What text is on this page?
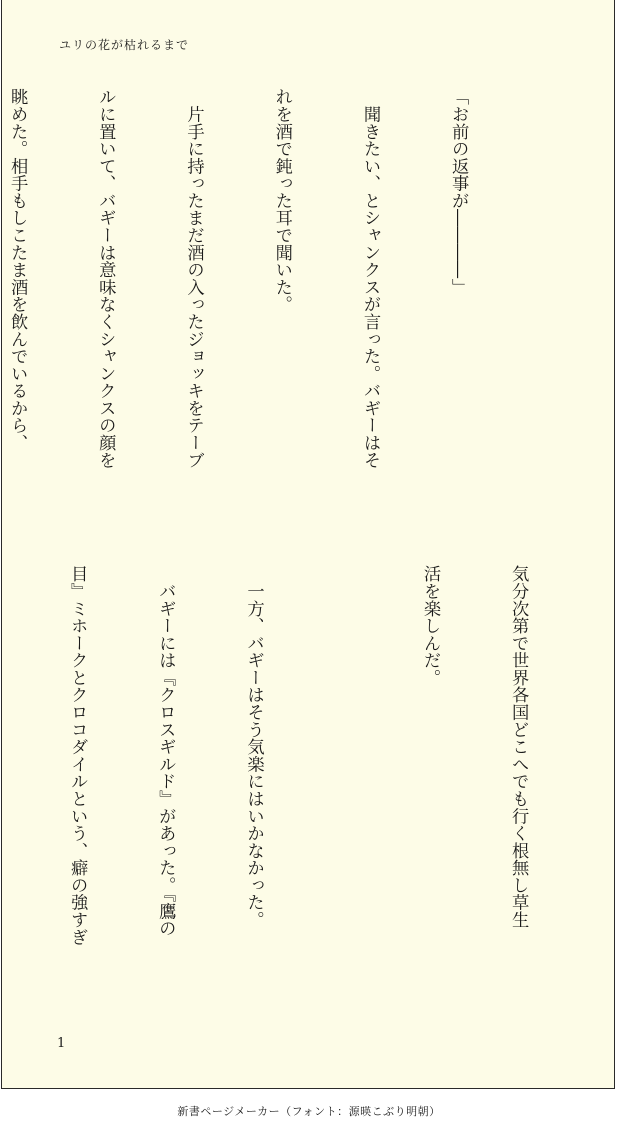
ユリの花が枯れるまで

「お前の返事が――――」

　聞きたい、とシャンクスが言った。バギーはそ

れを酒で鈍った耳で聞いた。

　片手に持ったまだ酒の入ったジョッキをテーブ

ルに置いて、バギーは意味なくシャンクスの顔を

眺めた。相手もしこたま酒を飲んでいるから、

気分次第で世界各国どこへでも行く根無し草生

活を楽しんだ。

　一方、バギーはそう気楽にはいかなかった。

　バギーには『クロスギルド』があった。『鷹の

目』ミホークとクロコダイルという、癖の強すぎ

1
新書ページメーカー（フォント：源暎こぶり明朝）
